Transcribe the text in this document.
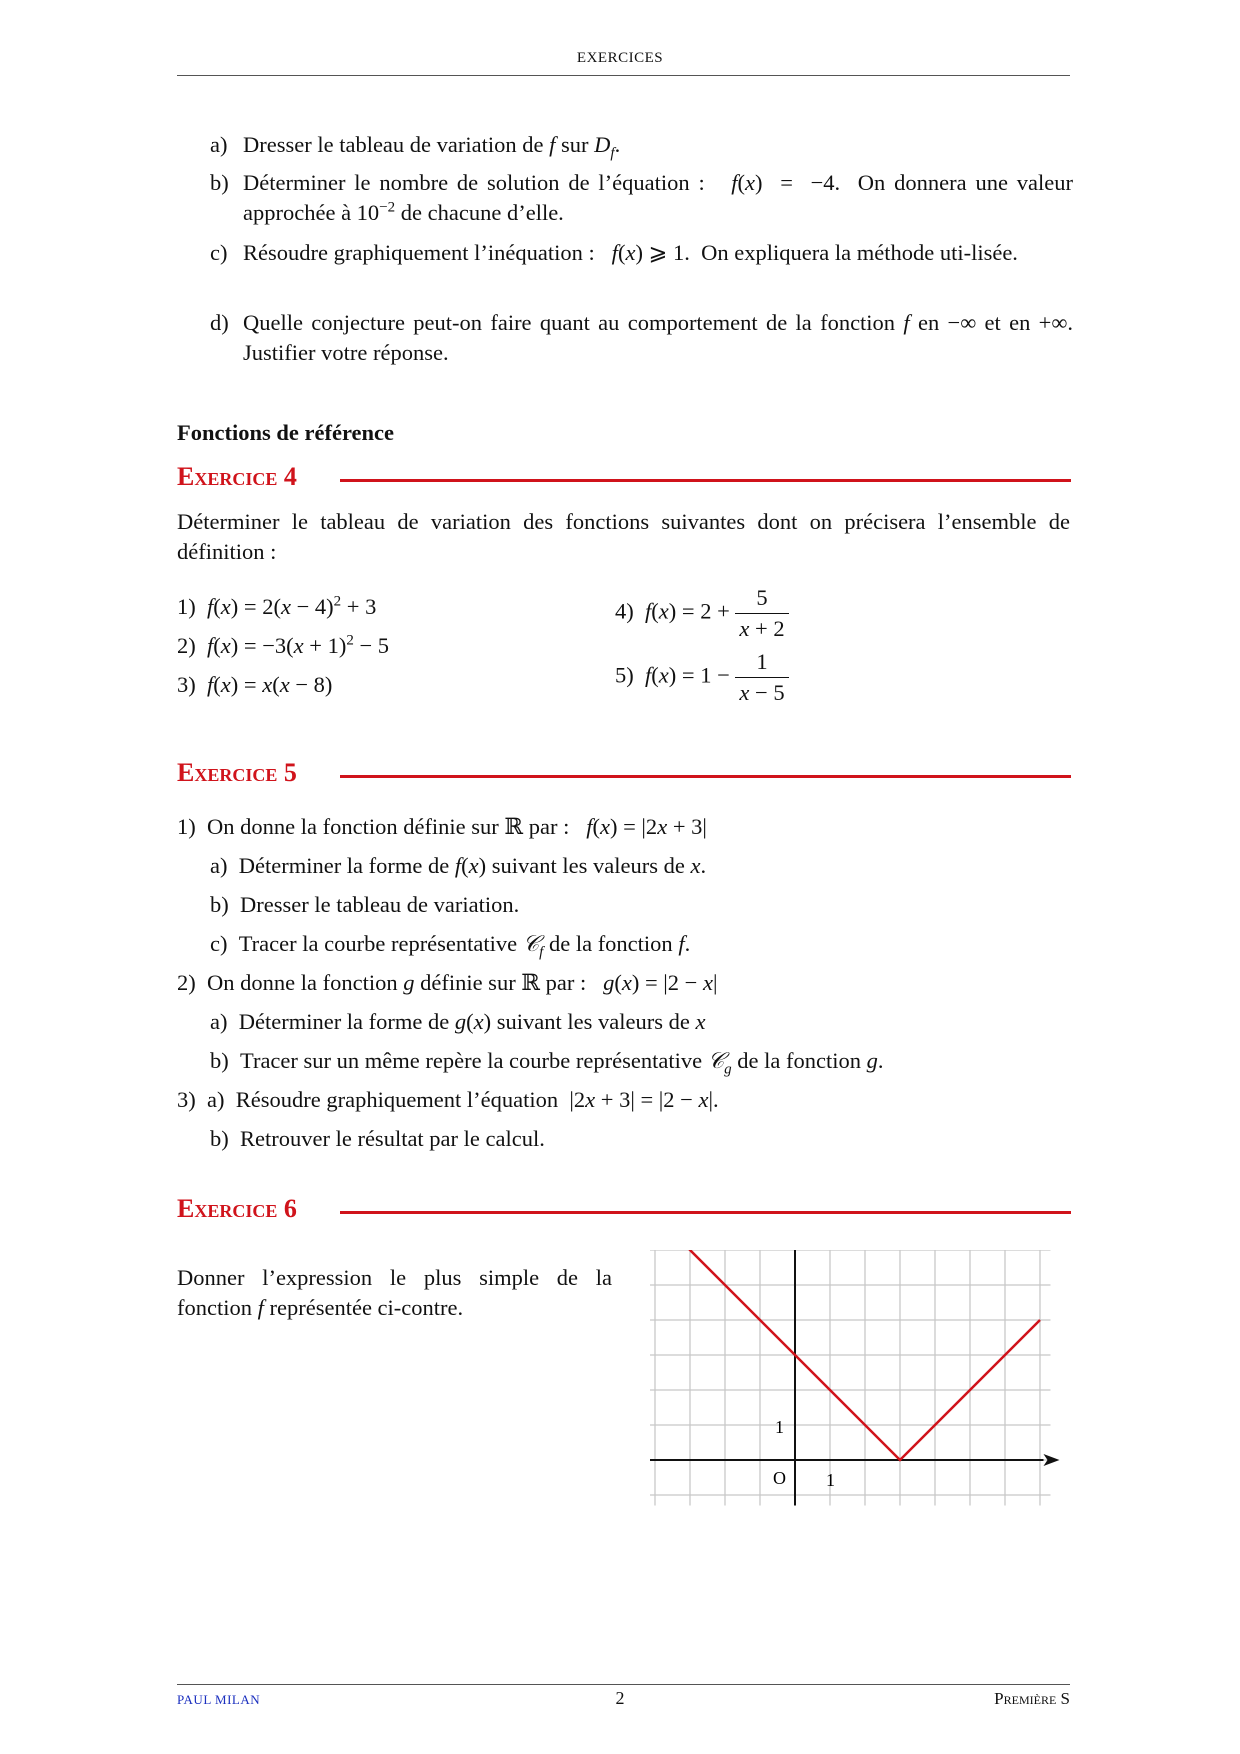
EXERCICES
a) Dresser le tableau de variation de f sur $D_f$.
b) Déterminer le nombre de solution de l’équation :   f(x)  =  −4.  On donnera une valeur approchée à $10^{-2}$ de chacune d’elle.
c) Résoudre graphiquement l’inéquation :   f(x) ⩾ 1.  On expliquera la méthode uti-lisée.
d) Quelle conjecture peut-on faire quant au comportement de la fonction f en −∞ et en +∞. Justifier votre réponse.
Fonctions de référence
Exercice 4
Déterminer le tableau de variation des fonctions suivantes dont on précisera l’ensemble de définition :
1) $f(x) = 2(x - 4)^2 + 3$
2) $f(x) = -3(x + 1)^2 - 5$
3) f(x) = x(x − 8)
4) $f(x) = 2 + \frac{5}{x + 2}$
5) $f(x) = 1 - \frac{1}{x - 5}$
Exercice 5
1)  On donne la fonction définie sur ℝ par :   f(x) = |2x + 3|
a)  Déterminer la forme de f(x) suivant les valeurs de x.
b)  Dresser le tableau de variation.
c)  Tracer la courbe représentative 𝒞$_f$ de la fonction f.
2)  On donne la fonction g définie sur ℝ par :   g(x) = |2 − x|
a)  Déterminer la forme de g(x) suivant les valeurs de x
b)  Tracer sur un même repère la courbe représentative 𝒞$_g$ de la fonction g.
3)  a)  Résoudre graphiquement l’équation  |2x + 3| = |2 − x|.
b)  Retrouver le résultat par le calcul.
Exercice 6
Donner l’expression le plus simple de la fonction f représentée ci-contre.
O 1
1
PAUL MILAN	2	Première S
